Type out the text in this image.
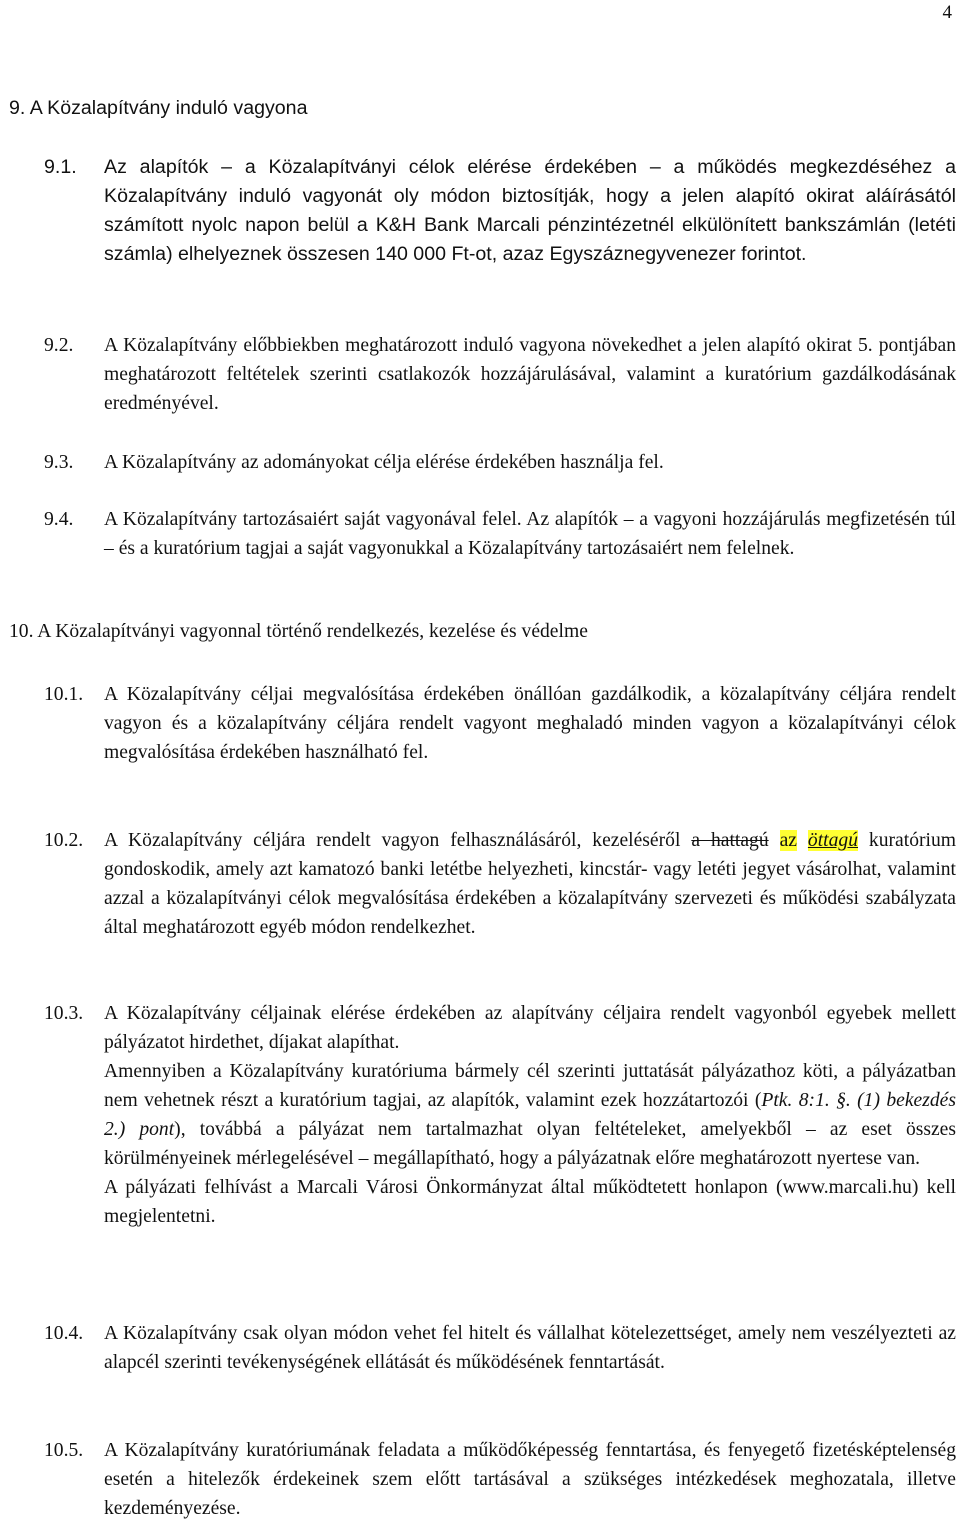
4
9. A Közalapítvány induló vagyona

9.1. Az alapítók – a Közalapítványi célok elérése érdekében – a működés megkezdéséhez a Közalapítvány induló vagyonát oly módon biztosítják, hogy a jelen alapító okirat aláírásától számított nyolc napon belül a K&H Bank Marcali pénzintézetnél elkülönített bankszámlán (letéti számla) elhelyeznek összesen 140 000 Ft-ot, azaz Egyszáznegyvenezer forintot.

9.2. A Közalapítvány előbbiekben meghatározott induló vagyona növekedhet a jelen alapító okirat 5. pontjában meghatározott feltételek szerinti csatlakozók hozzájárulásával, valamint a kuratórium gazdálkodásának eredményével.

9.3. A Közalapítvány az adományokat célja elérése érdekében használja fel.

9.4. A Közalapítvány tartozásaiért saját vagyonával felel. Az alapítók – a vagyoni hozzájárulás megfizetésén túl – és a kuratórium tagjai a saját vagyonukkal a Közalapítvány tartozásaiért nem felelnek.

10. A Közalapítványi vagyonnal történő rendelkezés, kezelése és védelme

10.1. A Közalapítvány céljai megvalósítása érdekében önállóan gazdálkodik, a közalapítvány céljára rendelt vagyon és a közalapítvány céljára rendelt vagyont meghaladó minden vagyon a közalapítványi célok megvalósítása érdekében használható fel.

10.2. A Közalapítvány céljára rendelt vagyon felhasználásáról, kezeléséről a hattagú az öttagú kuratórium gondoskodik, amely azt kamatozó banki letétbe helyezheti, kincstár- vagy letéti jegyet vásárolhat, valamint azzal a közalapítványi célok megvalósítása érdekében a közalapítvány szervezeti és működési szabályzata által meghatározott egyéb módon rendelkezhet.

10.3. A Közalapítvány céljainak elérése érdekében az alapítvány céljaira rendelt vagyonból egyebek mellett pályázatot hirdethet, díjakat alapíthat.
Amennyiben a Közalapítvány kuratóriuma bármely cél szerinti juttatását pályázathoz köti, a pályázatban nem vehetnek részt a kuratórium tagjai, az alapítók, valamint ezek hozzátartozói (Ptk. 8:1. §. (1) bekezdés 2.) pont), továbbá a pályázat nem tartalmazhat olyan feltételeket, amelyekből – az eset összes körülményeinek mérlegelésével – megállapítható, hogy a pályázatnak előre meghatározott nyertese van.
A pályázati felhívást a Marcali Városi Önkormányzat által működtetett honlapon (www.marcali.hu) kell megjelentetni.

10.4. A Közalapítvány csak olyan módon vehet fel hitelt és vállalhat kötelezettséget, amely nem veszélyezteti az alapcél szerinti tevékenységének ellátását és működésének fenntartását.

10.5. A Közalapítvány kuratóriumának feladata a működőképesség fenntartása, és fenyegető fizetésképtelenség esetén a hitelezők érdekeinek szem előtt tartásával a szükséges intézkedések meghozatala, illetve kezdeményezése.
